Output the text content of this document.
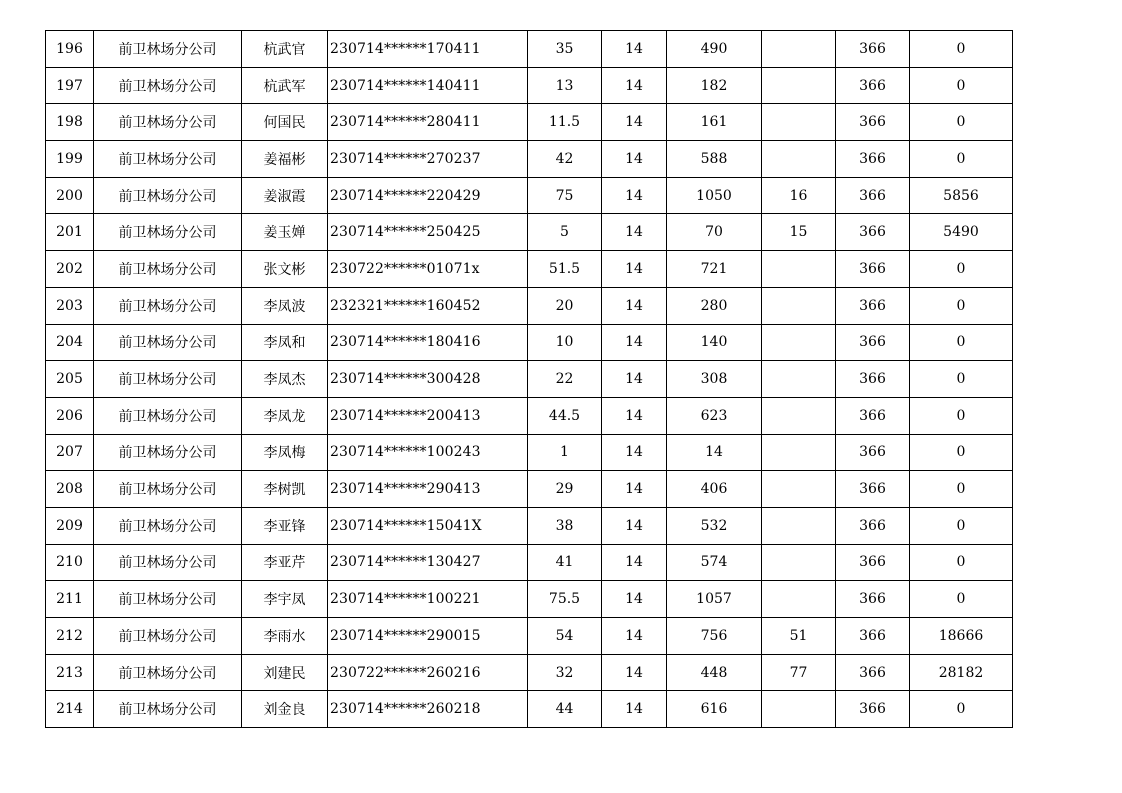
196	前卫林场分公司	杭武官	230714******170411	35	14	490		366	0
197	前卫林场分公司	杭武军	230714******140411	13	14	182		366	0
198	前卫林场分公司	何国民	230714******280411	11.5	14	161		366	0
199	前卫林场分公司	姜福彬	230714******270237	42	14	588		366	0
200	前卫林场分公司	姜淑霞	230714******220429	75	14	1050	16	366	5856
201	前卫林场分公司	姜玉婵	230714******250425	5	14	70	15	366	5490
202	前卫林场分公司	张文彬	230722******01071x	51.5	14	721		366	0
203	前卫林场分公司	李凤波	232321******160452	20	14	280		366	0
204	前卫林场分公司	李凤和	230714******180416	10	14	140		366	0
205	前卫林场分公司	李凤杰	230714******300428	22	14	308		366	0
206	前卫林场分公司	李凤龙	230714******200413	44.5	14	623		366	0
207	前卫林场分公司	李凤梅	230714******100243	1	14	14		366	0
208	前卫林场分公司	李树凯	230714******290413	29	14	406		366	0
209	前卫林场分公司	李亚锋	230714******15041X	38	14	532		366	0
210	前卫林场分公司	李亚芹	230714******130427	41	14	574		366	0
211	前卫林场分公司	李宇凤	230714******100221	75.5	14	1057		366	0
212	前卫林场分公司	李雨水	230714******290015	54	14	756	51	366	18666
213	前卫林场分公司	刘建民	230722******260216	32	14	448	77	366	28182
214	前卫林场分公司	刘金良	230714******260218	44	14	616		366	0
